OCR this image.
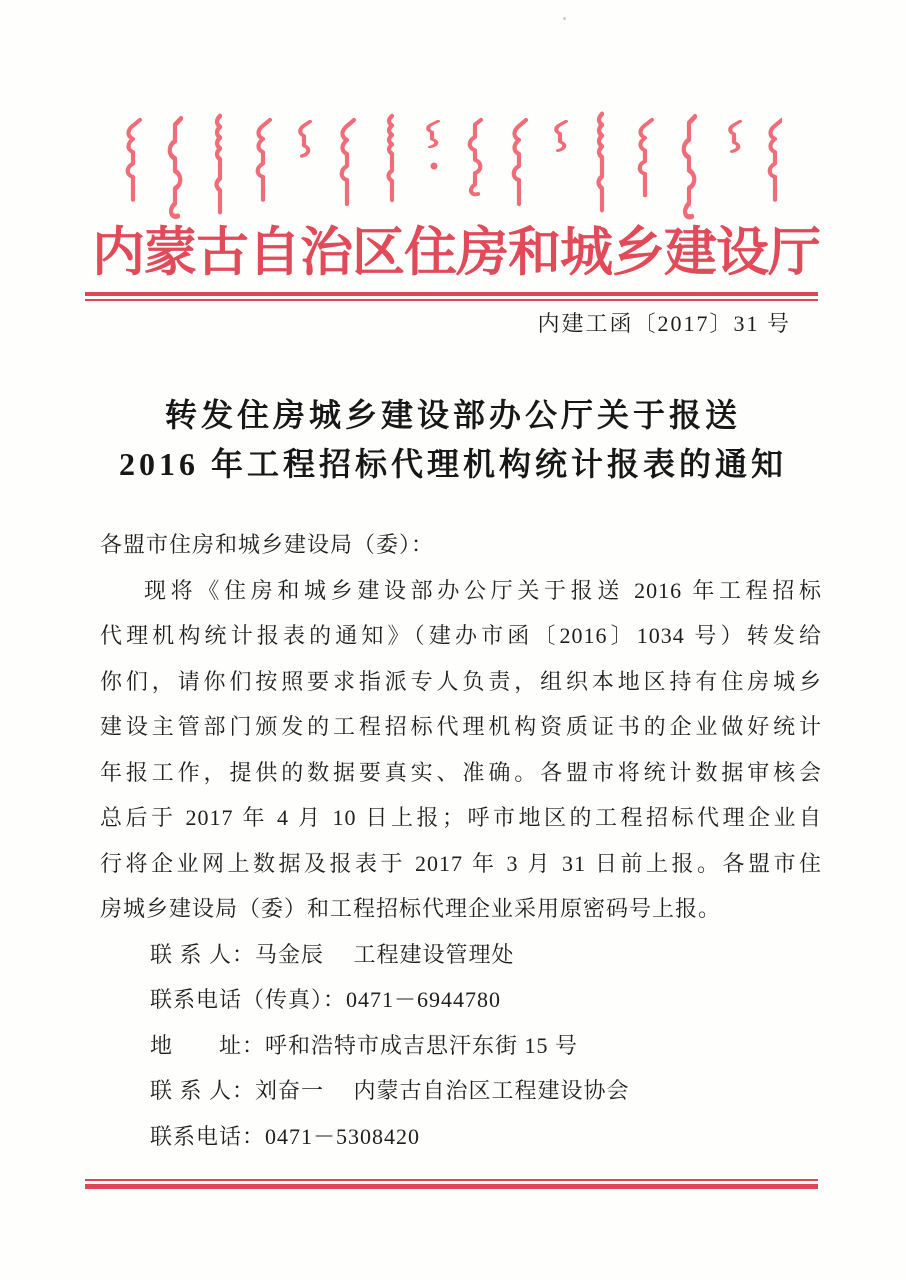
内蒙古自治区住房和城乡建设厅
内建工函〔2017〕31 号
转发住房城乡建设部办公厅关于报送
2016 年工程招标代理机构统计报表的通知
各盟市住房和城乡建设局（委）：
现将《住房和城乡建设部办公厅关于报送 2016 年工程招标
代理机构统计报表的通知》（建办市函〔2016〕1034 号）转发给
你们，请你们按照要求指派专人负责，组织本地区持有住房城乡
建设主管部门颁发的工程招标代理机构资质证书的企业做好统计
年报工作，提供的数据要真实、准确。各盟市将统计数据审核会
总后于 2017 年 4 月 10 日上报；呼市地区的工程招标代理企业自
行将企业网上数据及报表于 2017 年 3 月 31 日前上报。各盟市住
房城乡建设局（委）和工程招标代理企业采用原密码号上报。
联 系 人：马金辰　 工程建设管理处
联系电话（传真）：0471－6944780
地　　址：呼和浩特市成吉思汗东街 15 号
联 系 人：刘奋一　 内蒙古自治区工程建设协会
联系电话：0471－5308420
